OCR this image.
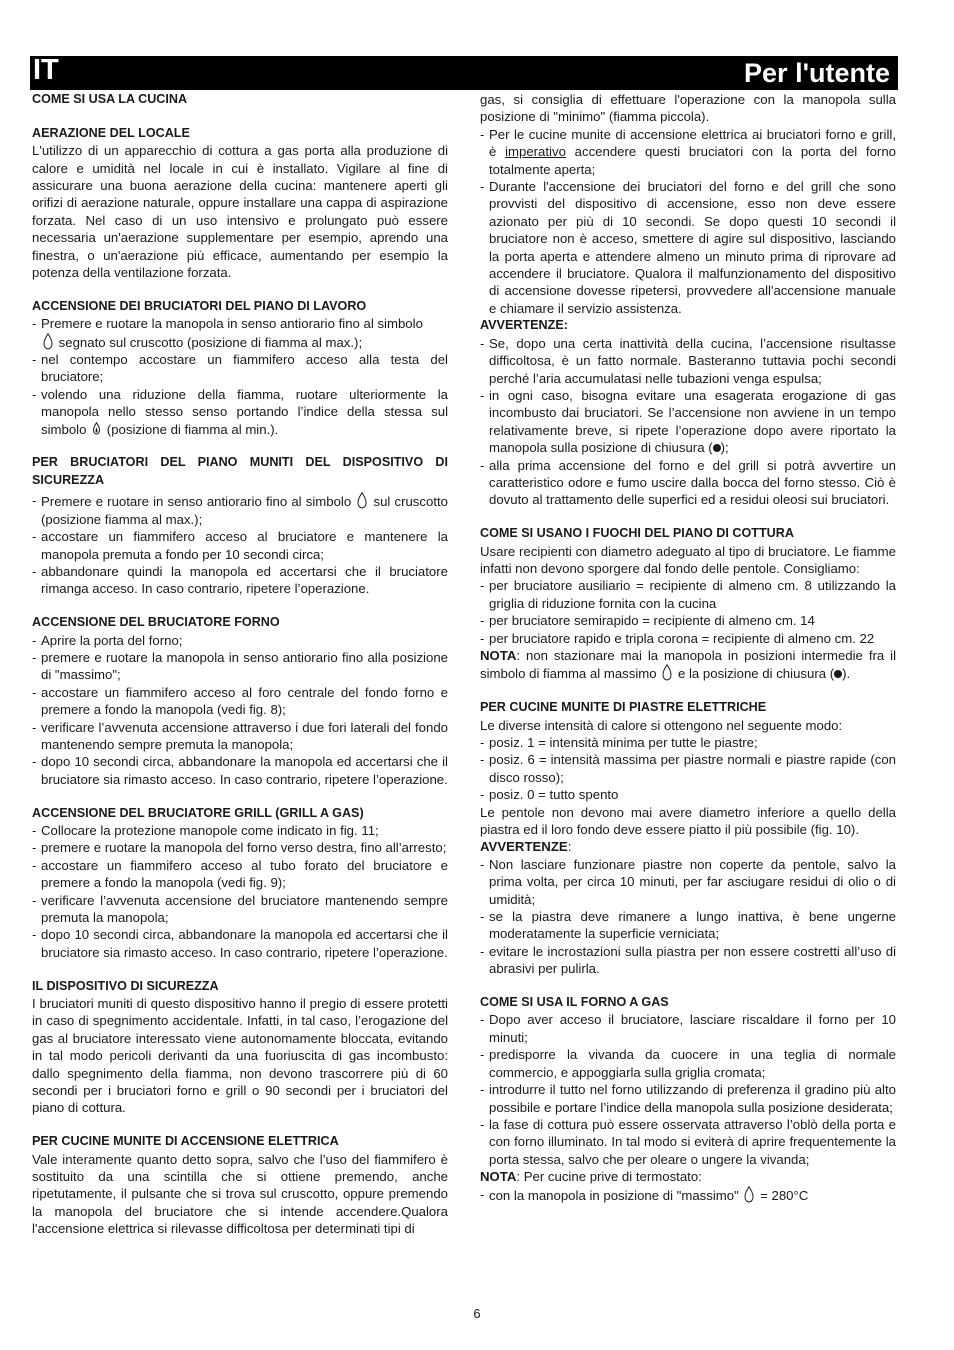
IT	Per l'utente

COME SI USA LA CUCINA

AERAZIONE DEL LOCALE

L'utilizzo di un apparecchio di cottura a gas porta alla produzione di calore e umidità nel locale in cui è installato. Vigilare al fine di assicurare una buona aerazione della cucina: mantenere aperti gli orifizi di aerazione naturale, oppure installare una cappa di aspirazione forzata. Nel caso di un uso intensivo e prolungato può essere necessaria un'aerazione supplementare per esempio, aprendo una finestra, o un'aerazione più efficace, aumentando per esempio la potenza della ventilazione forzata.

ACCENSIONE DEI BRUCIATORI DEL PIANO DI LAVORO

- Premere e ruotare la manopola in senso antiorario fino al simbolo
segnato sul cruscotto (posizione di fiamma al max.);
- nel contempo accostare un fiammifero acceso alla testa del bruciatore;
- volendo una riduzione della fiamma, ruotare ulteriormente la manopola nello stesso senso portando l’indice della stessa sul simbolo (posizione di fiamma al min.).

PER BRUCIATORI DEL PIANO MUNITI DEL DISPOSITIVO DI SICUREZZA

- Premere e ruotare in senso antiorario fino al simbolo sul cruscotto (posizione fiamma al max.);
- accostare un fiammifero acceso al bruciatore e mantenere la manopola premuta a fondo per 10 secondi circa;
- abbandonare quindi la manopola ed accertarsi che il bruciatore rimanga acceso. In caso contrario, ripetere l’operazione.

ACCENSIONE DEL BRUCIATORE FORNO

- Aprire la porta del forno;
- premere e ruotare la manopola in senso antiorario fino alla posizione di "massimo";
- accostare un fiammifero acceso al foro centrale del fondo forno e premere a fondo la manopola (vedi fig. 8);
- verificare l’avvenuta accensione attraverso i due fori laterali del fondo mantenendo sempre premuta la manopola;
- dopo 10 secondi circa, abbandonare la manopola ed accertarsi che il bruciatore sia rimasto acceso. In caso contrario, ripetere l’operazione.

ACCENSIONE DEL BRUCIATORE GRILL (GRILL A GAS)

- Collocare la protezione manopole come indicato in fig. 11;
- premere e ruotare la manopola del forno verso destra, fino all’arresto;
- accostare un fiammifero acceso al tubo forato del bruciatore e premere a fondo la manopola (vedi fig. 9);
- verificare l’avvenuta accensione del bruciatore mantenendo sempre premuta la manopola;
- dopo 10 secondi circa, abbandonare la manopola ed accertarsi che il bruciatore sia rimasto acceso. In caso contrario, ripetere l’operazione.

IL DISPOSITIVO DI SICUREZZA

I bruciatori muniti di questo dispositivo hanno il pregio di essere protetti in caso di spegnimento accidentale. Infatti, in tal caso, l’erogazione del gas al bruciatore interessato viene autonomamente bloccata, evitando in tal modo pericoli derivanti da una fuoriuscita di gas incombusto: dallo spegnimento della fiamma, non devono trascorrere più di 60 secondi per i bruciatori forno e grill o 90 secondi per i bruciatori del piano di cottura.

PER CUCINE MUNITE DI ACCENSIONE ELETTRICA

Vale interamente quanto detto sopra, salvo che l’uso del fiammifero è sostituito da una scintilla che si ottiene premendo, anche ripetutamente, il pulsante che si trova sul cruscotto, oppure premendo la manopola del bruciatore che si intende accendere.Qualora l'accensione elettrica si rilevasse difficoltosa per determinati tipi di

gas, si consiglia di effettuare l'operazione con la manopola sulla posizione di "minimo" (fiamma piccola).

- Per le cucine munite di accensione elettrica ai bruciatori forno e grill, è imperativo accendere questi bruciatori con la porta del forno totalmente aperta;
- Durante l'accensione dei bruciatori del forno e del grill che sono provvisti del dispositivo di accensione, esso non deve essere azionato per più di 10 secondi. Se dopo questi 10 secondi il bruciatore non è acceso, smettere di agire sul dispositivo, lasciando la porta aperta e attendere almeno un minuto prima di riprovare ad accendere il bruciatore. Qualora il malfunzionamento del dispositivo di accensione dovesse ripetersi, provvedere all'accensione manuale e chiamare il servizio assistenza.

AVVERTENZE:

- Se, dopo una certa inattività della cucina, l’accensione risultasse difficoltosa, è un fatto normale. Basteranno tuttavia pochi secondi perché l’aria accumulatasi nelle tubazioni venga espulsa;
- in ogni caso, bisogna evitare una esagerata erogazione di gas incombusto dai bruciatori. Se l’accensione non avviene in un tempo relativamente breve, si ripete l’operazione dopo avere riportato la manopola sulla posizione di chiusura ( );
- alla prima accensione del forno e del grill si potrà avvertire un caratteristico odore e fumo uscire dalla bocca del forno stesso. Ciò è dovuto al trattamento delle superfici ed a residui oleosi sui bruciatori.

COME SI USANO I FUOCHI DEL PIANO DI COTTURA

Usare recipienti con diametro adeguato al tipo di bruciatore. Le fiamme infatti non devono sporgere dal fondo delle pentole. Consigliamo:

- per bruciatore ausiliario = recipiente di almeno cm. 8 utilizzando la griglia di riduzione fornita con la cucina
- per bruciatore semirapido = recipiente di almeno cm. 14
- per bruciatore rapido e tripla corona = recipiente di almeno cm. 22

NOTA: non stazionare mai la manopola in posizioni intermedie fra il simbolo di fiamma al massimo e la posizione di chiusura ( ).

PER CUCINE MUNITE DI PIASTRE ELETTRICHE

Le diverse intensità di calore si ottengono nel seguente modo:

- posiz. 1 = intensità minima per tutte le piastre;
- posiz. 6 = intensità massima per piastre normali e piastre rapide (con disco rosso);
- posiz. 0 = tutto spento

Le pentole non devono mai avere diametro inferiore a quello della piastra ed il loro fondo deve essere piatto il più possibile (fig. 10).

AVVERTENZE:

- Non lasciare funzionare piastre non coperte da pentole, salvo la prima volta, per circa 10 minuti, per far asciugare residui di olio o di umidità;
- se la piastra deve rimanere a lungo inattiva, è bene ungerne moderatamente la superficie verniciata;
- evitare le incrostazioni sulla piastra per non essere costretti all’uso di abrasivi per pulirla.

COME SI USA IL FORNO A GAS

- Dopo aver acceso il bruciatore, lasciare riscaldare il forno per 10 minuti;
- predisporre la vivanda da cuocere in una teglia di normale commercio, e appoggiarla sulla griglia cromata;
- introdurre il tutto nel forno utilizzando di preferenza il gradino più alto possibile e portare l’indice della manopola sulla posizione desiderata;
- la fase di cottura può essere osservata attraverso l’oblò della porta e con forno illuminato. In tal modo si eviterà di aprire frequentemente la porta stessa, salvo che per oleare o ungere la vivanda;

NOTA: Per cucine prive di termostato:

- con la manopola in posizione di "massimo" = 280°C
6
